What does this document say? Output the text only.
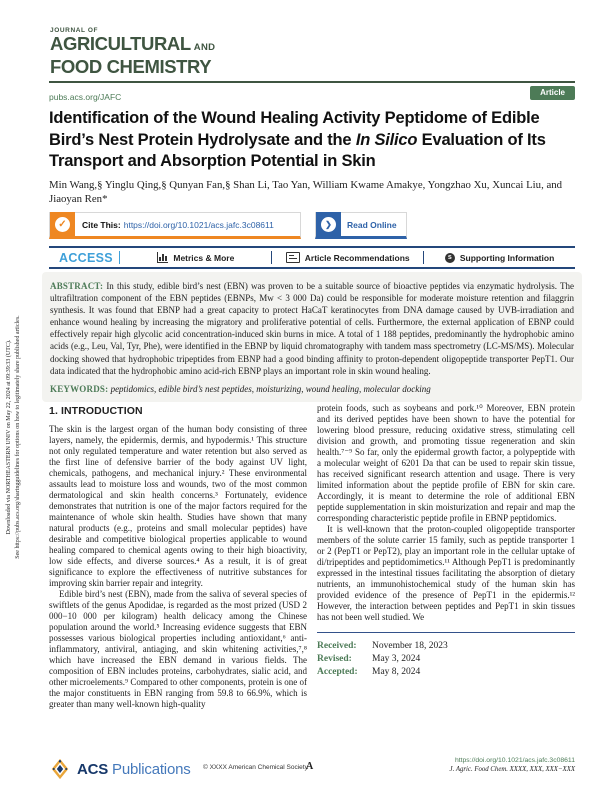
Downloaded via NORTHEASTERN UNIV on May 22, 2024 at 09:39:33 (UTC). See https://pubs.acs.org/sharingguidelines for options on how to legitimately share published articles.
JOURNAL OF
AGRICULTURAL AND
FOOD CHEMISTRY
pubs.acs.org/JAFC	Article
Identification of the Wound Healing Activity Peptidome of Edible Bird’s Nest Protein Hydrolysate and the In Silico Evaluation of Its Transport and Absorption Potential in Skin
Min Wang,§ Yinglu Qing,§ Qunyan Fan,§ Shan Li, Tao Yan, William Kwame Amakye, Yongzhao Xu, Xuncai Liu, and Jiaoyan Ren*
✓	Cite This: https://doi.org/10.1021/acs.jafc.3c08611	❯	Read Online
ACCESS	Metrics & More	Article Recommendations	s Supporting Information

ABSTRACT: In this study, edible bird’s nest (EBN) was proven to be a suitable source of bioactive peptides via enzymatic hydrolysis. The ultrafiltration component of the EBN peptides (EBNPs, Mw < 3 000 Da) could be responsible for moderate moisture retention and filaggrin synthesis. It was found that EBNP had a great capacity to protect HaCaT keratinocytes from DNA damage caused by UVB-irradiation and enhance wound healing by increasing the migratory and proliferative potential of cells. Furthermore, the external application of EBNP could effectively repair high glycolic acid concentration-induced skin burns in mice. A total of 1 188 peptides, predominantly the hydrophobic amino acids (e.g., Leu, Val, Tyr, Phe), were identified in the EBNP by liquid chromatography with tandem mass spectrometry (LC-MS/MS). Molecular docking showed that hydrophobic tripeptides from EBNP had a good binding affinity to proton-dependent oligopeptide transporter PepT1. Our data indicated that the hydrophobic amino acid-rich EBNP plays an important role in skin wound healing.

KEYWORDS: peptidomics, edible bird’s nest peptides, moisturizing, wound healing, molecular docking

1. INTRODUCTION

The skin is the largest organ of the human body consisting of three layers, namely, the epidermis, dermis, and hypodermis.¹ This structure not only regulated temperature and water retention but also served as the first line of defensive barrier of the body against UV light, chemicals, pathogens, and mechanical injury.² These environmental assaults lead to moisture loss and wounds, two of the most common dermatological and skin health concerns.³ Fortunately, evidence demonstrates that nutrition is one of the major factors required for the maintenance of whole skin health. Studies have shown that many natural products (e.g., proteins and small molecular peptides) have desirable and competitive biological properties applicable to wound healing compared to chemical agents owing to their high bioactivity, low side effects, and diverse sources.⁴ As a result, it is of great significance to explore the effectiveness of nutritive substances for improving skin barrier repair and integrity.

Edible bird’s nest (EBN), made from the saliva of several species of swiftlets of the genus Apodidae, is regarded as the most prized (USD 2 000−10 000 per kilogram) health delicacy among the Chinese population around the world.⁵ Increasing evidence suggests that EBN possesses various biological properties including antioxidant,⁶ anti-inflammatory, antiviral, antiaging, and skin whitening activities,⁷,⁸ which have increased the EBN demand in various fields. The composition of EBN includes proteins, carbohydrates, sialic acid, and other microelements.⁹ Compared to other components, protein is one of the major constituents in EBN ranging from 59.8 to 66.9%, which is greater than many well-known high-quality

protein foods, such as soybeans and pork.¹⁰ Moreover, EBN protein and its derived peptides have been shown to have the potential for lowering blood pressure, reducing oxidative stress, stimulating cell division and growth, and promoting tissue regeneration and skin health.⁷⁻⁹ So far, only the epidermal growth factor, a polypeptide with a molecular weight of 6201 Da that can be used to repair skin tissue, has received significant research attention and usage. There is very limited information about the peptide profile of EBN for skin care. Accordingly, it is meant to determine the role of additional EBN peptide supplementation in skin moisturization and repair and map the corresponding characteristic peptide profile in EBNP peptidomics.

It is well-known that the proton-coupled oligopeptide transporter members of the solute carrier 15 family, such as peptide transporter 1 or 2 (PepT1 or PepT2), play an important role in the cellular uptake of di/tripeptides and peptidomimetics.¹¹ Although PepT1 is predominantly expressed in the intestinal tissues facilitating the absorption of dietary nutrients, an immunohistochemical study of the human skin has provided evidence of the presence of PepT1 in the epidermis.¹² However, the interaction between peptides and PepT1 in skin tissues has not been well studied. We

Received:	November 18, 2023
Revised:	May 3, 2024
Accepted:	May 8, 2024
ACS Publications © XXXX American Chemical Society
A
https://doi.org/10.1021/acs.jafc.3c08611
J. Agric. Food Chem. XXXX, XXX, XXX−XXX
